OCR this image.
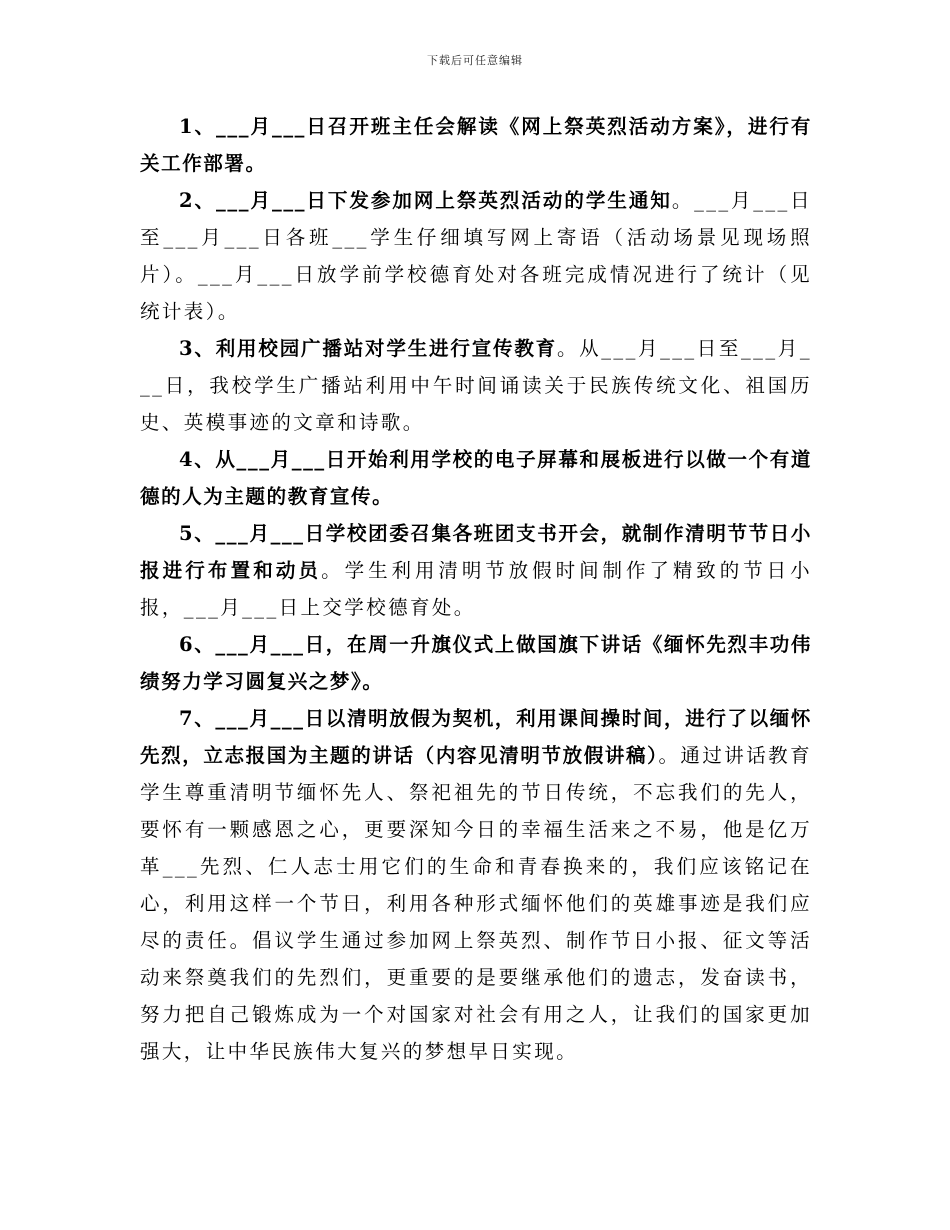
下载后可任意编辑

1、___月___日召开班主任会解读《网上祭英烈活动方案》，进行有关工作部署。

2、___月___日下发参加网上祭英烈活动的学生通知。___月___日至___月___日各班___学生仔细填写网上寄语（活动场景见现场照片）。___月___日放学前学校德育处对各班完成情况进行了统计（见统计表）。

3、利用校园广播站对学生进行宣传教育。从___月___日至___月___日，我校学生广播站利用中午时间诵读关于民族传统文化、祖国历史、英模事迹的文章和诗歌。

4、从___月___日开始利用学校的电子屏幕和展板进行以做一个有道德的人为主题的教育宣传。

5、___月___日学校团委召集各班团支书开会，就制作清明节节日小报进行布置和动员。学生利用清明节放假时间制作了精致的节日小报，___月___日上交学校德育处。

6、___月___日，在周一升旗仪式上做国旗下讲话《缅怀先烈丰功伟绩努力学习圆复兴之梦》。

7、___月___日以清明放假为契机，利用课间操时间，进行了以缅怀先烈，立志报国为主题的讲话（内容见清明节放假讲稿）。通过讲话教育学生尊重清明节缅怀先人、祭祀祖先的节日传统，不忘我们的先人，要怀有一颗感恩之心，更要深知今日的幸福生活来之不易，他是亿万革___先烈、仁人志士用它们的生命和青春换来的，我们应该铭记在心，利用这样一个节日，利用各种形式缅怀他们的英雄事迹是我们应尽的责任。倡议学生通过参加网上祭英烈、制作节日小报、征文等活动来祭奠我们的先烈们，更重要的是要继承他们的遗志，发奋读书，努力把自己锻炼成为一个对国家对社会有用之人，让我们的国家更加强大，让中华民族伟大复兴的梦想早日实现。
